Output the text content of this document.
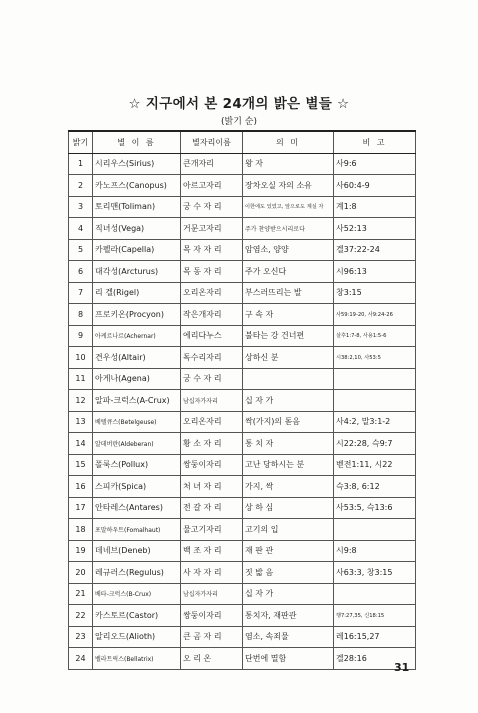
☆ 지구에서 본 24개의 밝은 별들 ☆
(밝기 순)
밝기	별 이 름	별자리이름	의 미	비 고
1	시리우스(Sirius)	큰개자리	왕 자	사9:6
2	카노프스(Canopus)	아르고자리	장차오실 자의 소유	사60:4-9
3	토리맨(Toliman)	궁 수 자 리	이한에도 있었고, 앞으로도 계실 자	계1:8
4	직녀성(Vega)	거문고자리	주가 찬양받으시리로다	사52:13
5	카펠라(Capella)	목 자 자 리	암염소, 양양	겔37:22-24
6	대각성(Arcturus)	목 동 자 리	주가 오신다	시96:13
7	리 겔(Rigel)	오리온자리	부스러뜨리는 발	창3:15
8	프로키온(Procyon)	작은개자리	구 속 자	사59:19-20, 사9:24-26
9	아케르나르(Achernar)	에리다누스	불타는 강 건너편	살후1:7-8, 사용1:5-6
10	견우성(Altair)	독수리자리	상하신 분	시38:2,10, 사53:5
11	아게나(Agena)	궁 수 자 리		
12	알파-크럭스(A-Crux)	남십자가자리	십 자 가	
13	베텔큐스(Betelgeuse)	오리온자리	싹(가지)의 돋음	사4:2, 말3:1-2
14	알데버란(Aldeberan)	황 소 자 리	통 치 자	시22:28, 슥9:7
15	폴룩스(Pollux)	쌍둥이자리	고난 당하시는 분	벧전1:11, 시22
16	스피카(Spica)	처 녀 자 리	가지, 싹	슥3:8, 6:12
17	안타레스(Antares)	전 갈 자 리	상 하 심	사53:5, 슥13:6
18	포말하우트(Fomalhaut)	물고기자리	고기의 입	
19	데네브(Deneb)	백 조 자 리	재 판 관	시9:8
20	레규러스(Regulus)	사 자 자 리	짓 밟 음	사63:3, 창3:15
21	베타-크럭스(B-Crux)	남십자가자리	십 자 가	
22	카스토르(Castor)	쌍둥이자리	통치자, 재판관	행7:27,35, 신18:15
23	알리오드(Alioth)	큰 곰 자 리	염소, 속죄물	레16:15,27
24	벨라트릭스(Bellatrix)	오 리 온	단번에 멸함	겔28:16
31
